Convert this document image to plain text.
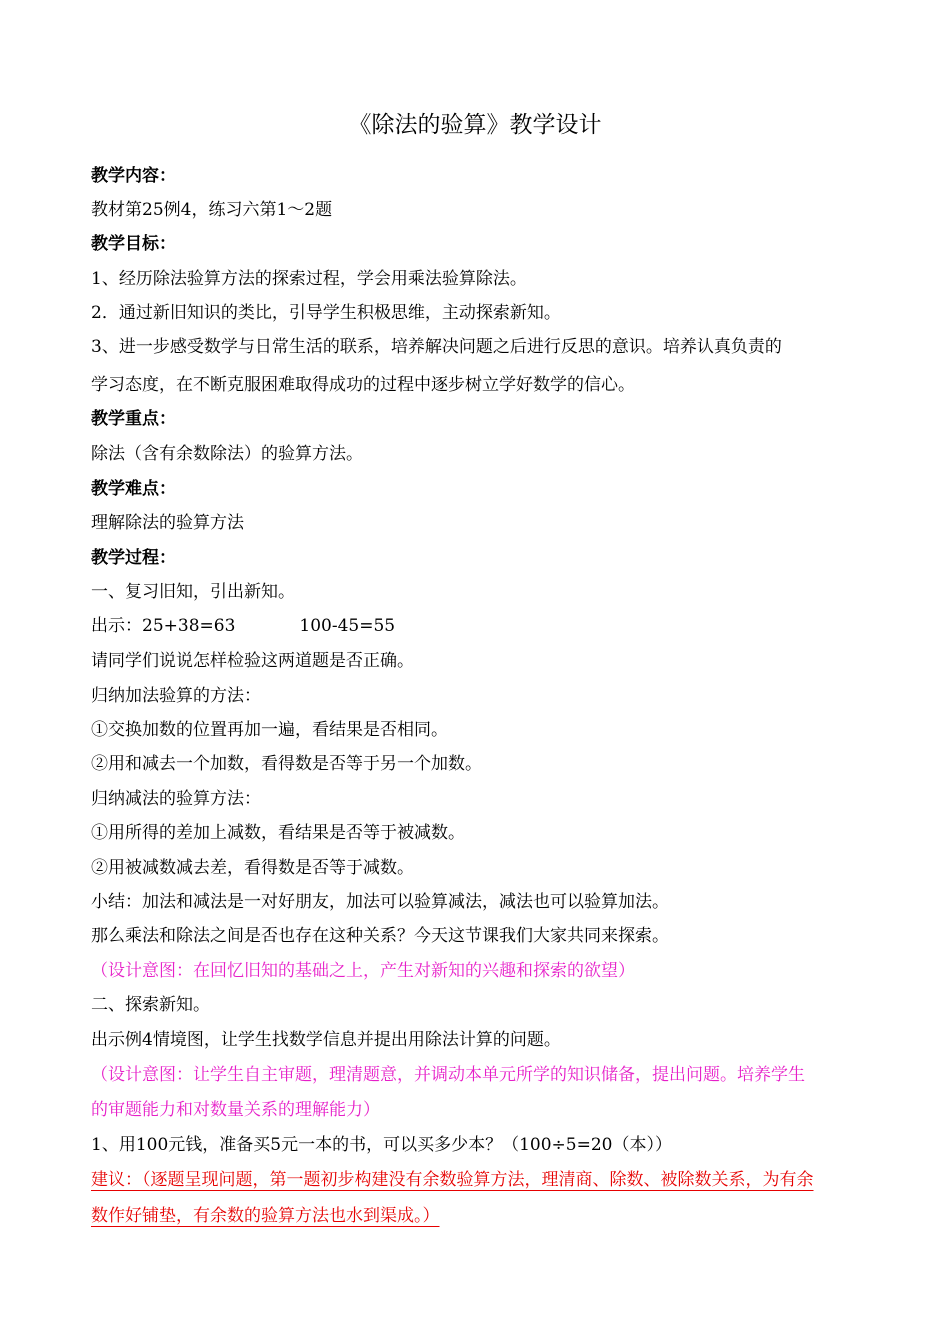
《除法的验算》教学设计
教学内容：
教材第25例4，练习六第1～2题
教学目标：
1、经历除法验算方法的探索过程，学会用乘法验算除法。
2．通过新旧知识的类比，引导学生积极思维，主动探索新知。
3、进一步感受数学与日常生活的联系，培养解决问题之后进行反思的意识。培养认真负责的
学习态度，在不断克服困难取得成功的过程中逐步树立学好数学的信心。
教学重点：
除法（含有余数除法）的验算方法。
教学难点：
理解除法的验算方法
教学过程：
一、复习旧知，引出新知。
出示：25+38=63	100-45=55
请同学们说说怎样检验这两道题是否正确。
归纳加法验算的方法：
①交换加数的位置再加一遍，看结果是否相同。
②用和减去一个加数，看得数是否等于另一个加数。
归纳减法的验算方法：
①用所得的差加上减数，看结果是否等于被减数。
②用被减数减去差，看得数是否等于减数。
小结：加法和减法是一对好朋友，加法可以验算减法，减法也可以验算加法。
那么乘法和除法之间是否也存在这种关系？今天这节课我们大家共同来探索。
（设计意图：在回忆旧知的基础之上，产生对新知的兴趣和探索的欲望）
二、探索新知。
出示例4情境图，让学生找数学信息并提出用除法计算的问题。
（设计意图：让学生自主审题，理清题意，并调动本单元所学的知识储备，提出问题。培养学生
的审题能力和对数量关系的理解能力）
1、用100元钱，准备买5元一本的书，可以买多少本？（100÷5=20（本））
建议：（逐题呈现问题，第一题初步构建没有余数验算方法，理清商、除数、被除数关系，为有余
数作好铺垫，有余数的验算方法也水到渠成。）
